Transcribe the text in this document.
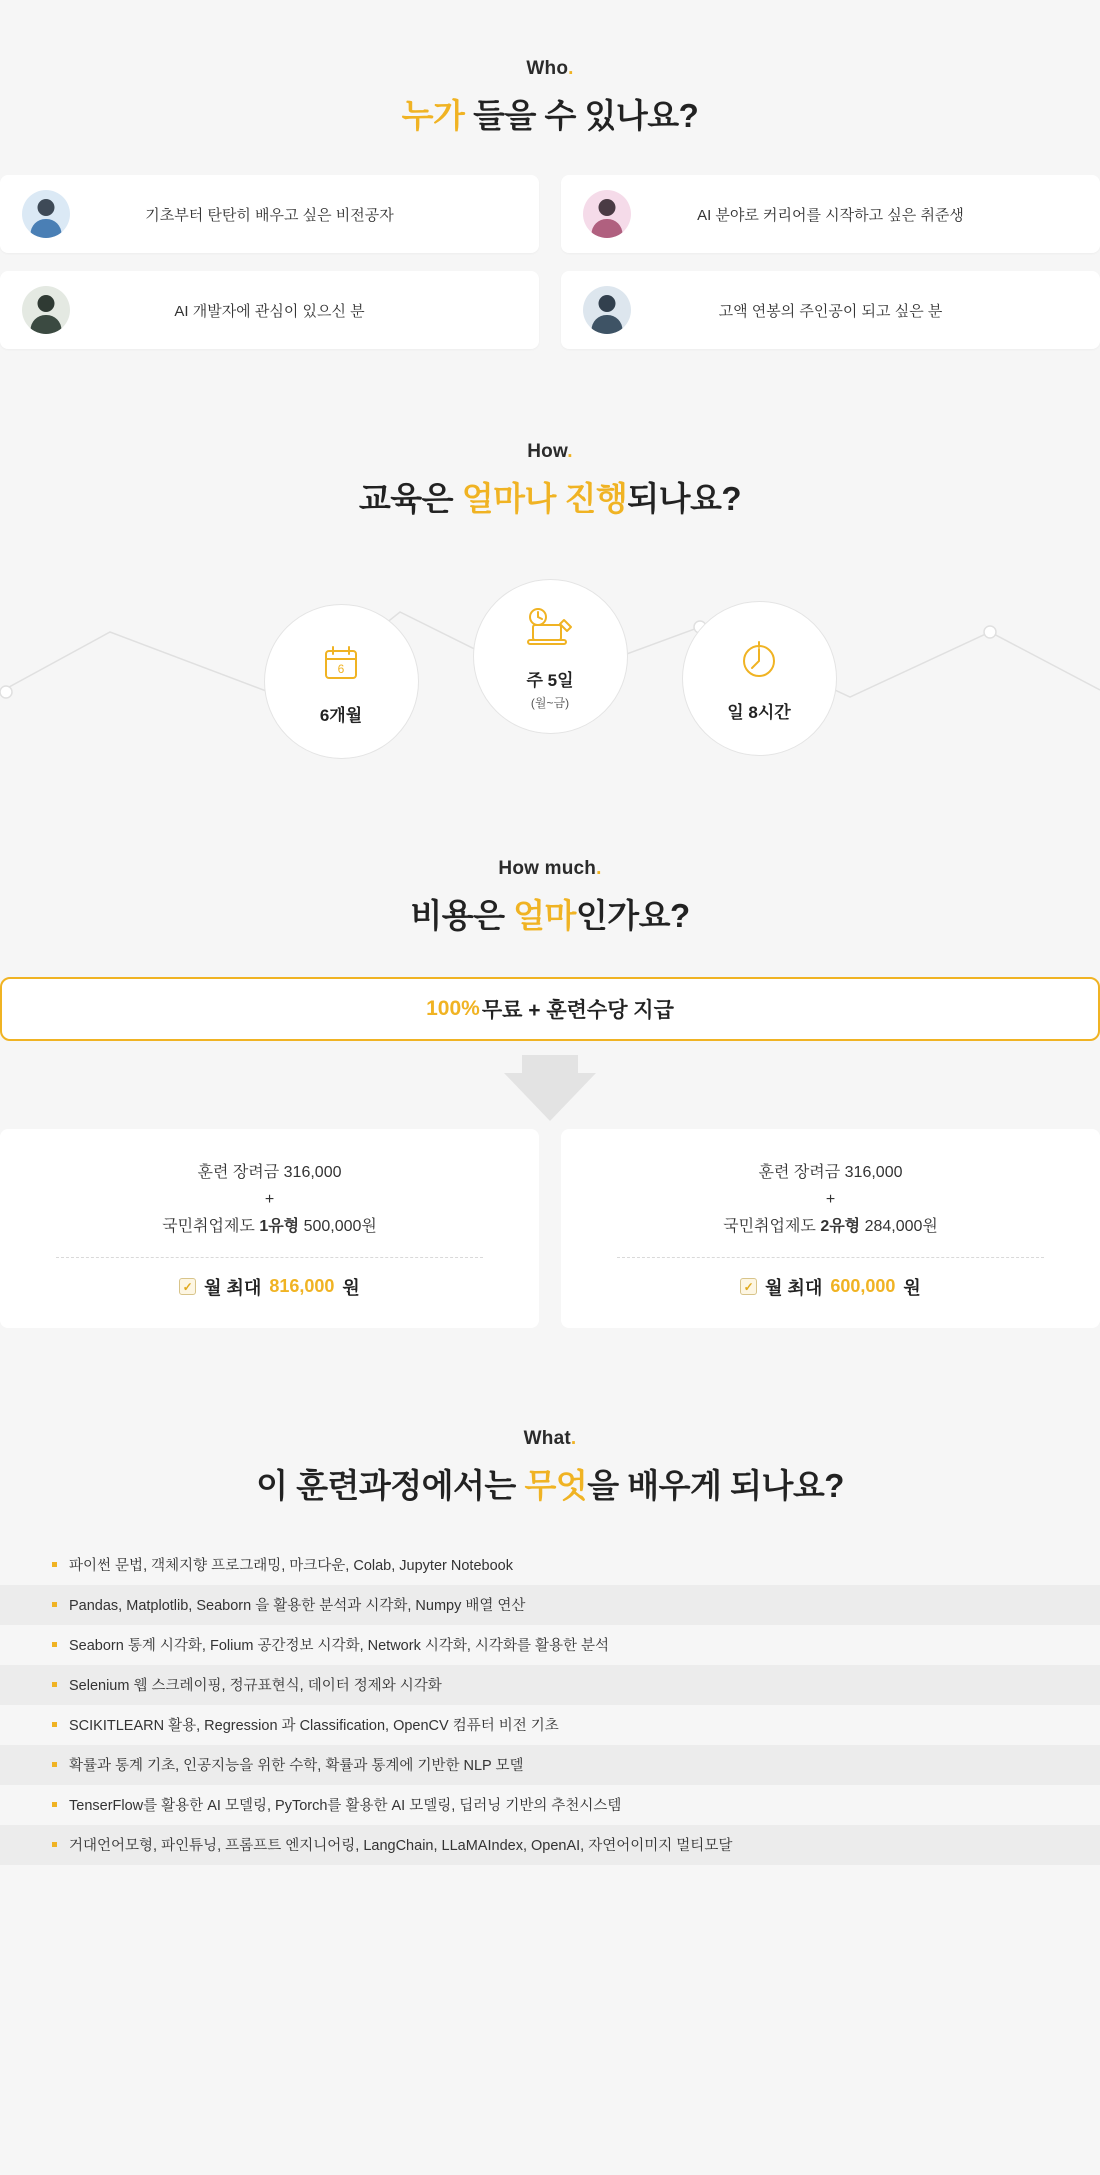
Who.
누가 들을 수 있나요?
기초부터 탄탄히 배우고 싶은 비전공자	AI 분야로 커리어를 시작하고 싶은 취준생
AI 개발자에 관심이 있으신 분	고액 연봉의 주인공이 되고 싶은 분
How.
교육은 얼마나 진행되나요?
6
6개월
주 5일
(월~금)	일 8시간
How much.
비용은 얼마인가요?
100% 무료 + 훈련수당 지급
훈련 장려금 316,000
+
국민취업제도 1유형 500,000원
✓ 월 최대 816,000 원
훈련 장려금 316,000
+
국민취업제도 2유형 284,000원
✓ 월 최대 600,000 원
What.
이 훈련과정에서는 무엇을 배우게 되나요?
파이썬 문법, 객체지향 프로그래밍, 마크다운, Colab, Jupyter Notebook
Pandas, Matplotlib, Seaborn 을 활용한 분석과 시각화, Numpy 배열 연산
Seaborn 통계 시각화, Folium 공간정보 시각화, Network 시각화, 시각화를 활용한 분석
Selenium 웹 스크레이핑, 정규표현식, 데이터 정제와 시각화
SCIKITLEARN 활용, Regression 과 Classification, OpenCV 컴퓨터 비전 기초
확률과 통계 기초, 인공지능을 위한 수학, 확률과 통계에 기반한 NLP 모델
TenserFlow를 활용한 AI 모델링, PyTorch를 활용한 AI 모델링, 딥러닝 기반의 추천시스템
거대언어모형, 파인튜닝, 프롬프트 엔지니어링, LangChain, LLaMAIndex, OpenAI, 자연어이미지 멀티모달
